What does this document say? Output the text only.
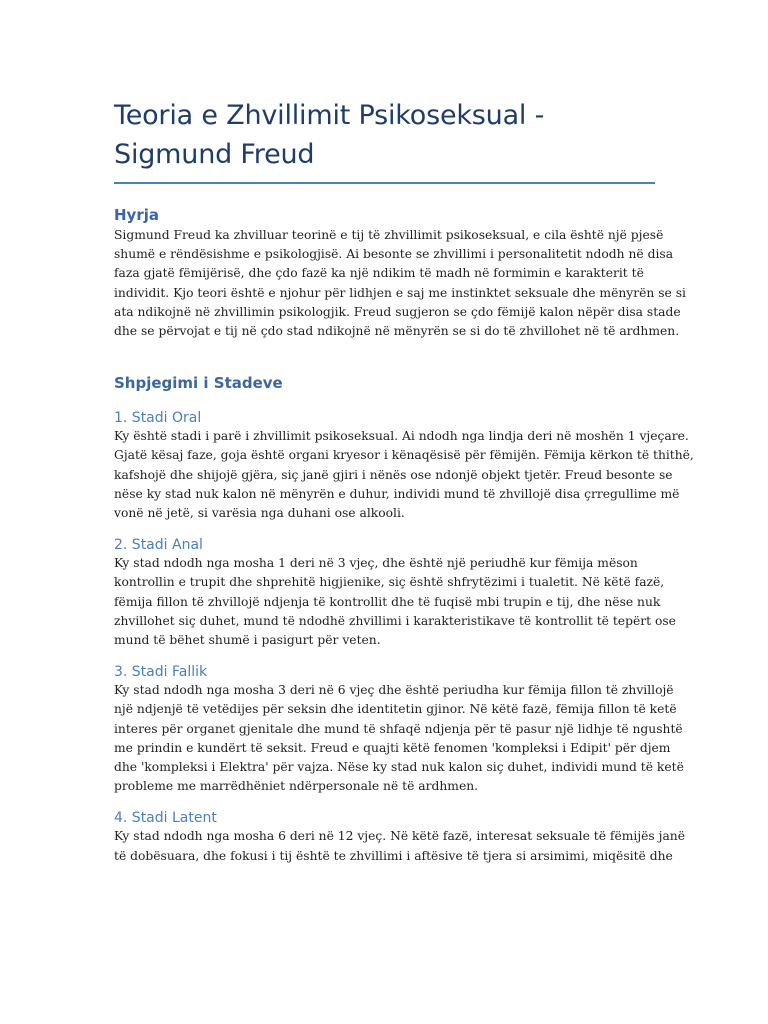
Teoria e Zhvillimit Psikoseksual -
Sigmund Freud
Hyrja

Sigmund Freud ka zhvilluar teorinë e tij të zhvillimit psikoseksual, e cila është një pjesë
shumë e rëndësishme e psikologjisë. Ai besonte se zhvillimi i personalitetit ndodh në disa
faza gjatë fëmijërisë, dhe çdo fazë ka një ndikim të madh në formimin e karakterit të
individit. Kjo teori është e njohur për lidhjen e saj me instinktet seksuale dhe mënyrën se si
ata ndikojnë në zhvillimin psikologjik. Freud sugjeron se çdo fëmijë kalon nëpër disa stade
dhe se përvojat e tij në çdo stad ndikojnë në mënyrën se si do të zhvillohet në të ardhmen.

Shpjegimi i Stadeve
1. Stadi Oral

Ky është stadi i parë i zhvillimit psikoseksual. Ai ndodh nga lindja deri në moshën 1 vjeçare.
Gjatë kësaj faze, goja është organi kryesor i kënaqësisë për fëmijën. Fëmija kërkon të thithë,
kafshojë dhe shijojë gjëra, siç janë gjiri i nënës ose ndonjë objekt tjetër. Freud besonte se
nëse ky stad nuk kalon në mënyrën e duhur, individi mund të zhvillojë disa çrregullime më
vonë në jetë, si varësia nga duhani ose alkooli.

2. Stadi Anal

Ky stad ndodh nga mosha 1 deri në 3 vjeç, dhe është një periudhë kur fëmija mëson
kontrollin e trupit dhe shprehitë higjienike, siç është shfrytëzimi i tualetit. Në këtë fazë,
fëmija fillon të zhvillojë ndjenja të kontrollit dhe të fuqisë mbi trupin e tij, dhe nëse nuk
zhvillohet siç duhet, mund të ndodhë zhvillimi i karakteristikave të kontrollit të tepërt ose
mund të bëhet shumë i pasigurt për veten.

3. Stadi Fallik

Ky stad ndodh nga mosha 3 deri në 6 vjeç dhe është periudha kur fëmija fillon të zhvillojë
një ndjenjë të vetëdijes për seksin dhe identitetin gjinor. Në këtë fazë, fëmija fillon të ketë
interes për organet gjenitale dhe mund të shfaqë ndjenja për të pasur një lidhje të ngushtë
me prindin e kundërt të seksit. Freud e quajti këtë fenomen 'kompleksi i Edipit' për djem
dhe 'kompleksi i Elektra' për vajza. Nëse ky stad nuk kalon siç duhet, individi mund të ketë
probleme me marrëdhëniet ndërpersonale në të ardhmen.

4. Stadi Latent

Ky stad ndodh nga mosha 6 deri në 12 vjeç. Në këtë fazë, interesat seksuale të fëmijës janë
të dobësuara, dhe fokusi i tij është te zhvillimi i aftësive të tjera si arsimimi, miqësitë dhe
